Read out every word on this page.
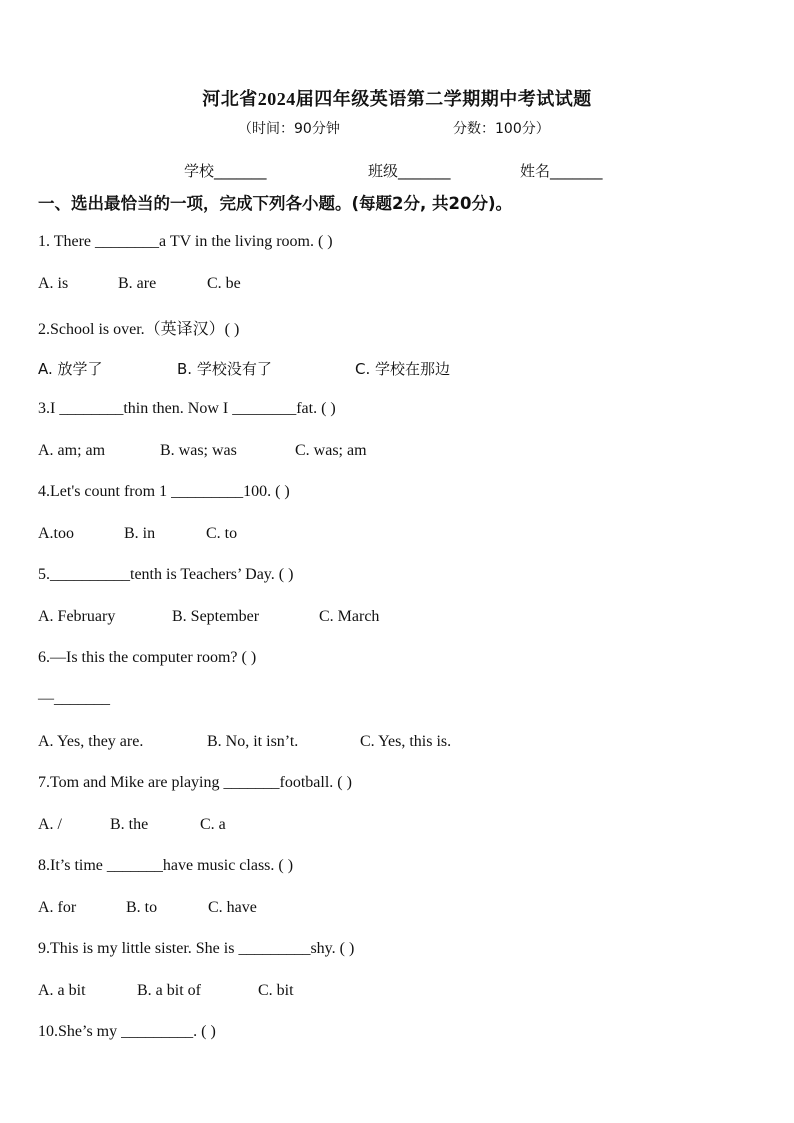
河北省2024届四年级英语第二学期期中考试试题
（时间：90分钟	分数：100分）
学校_______	班级_______	姓名_______
一、选出最恰当的一项，完成下列各小题。(每题2分, 共20分)。
1. There ________a TV in the living room. ( )
A. is	B. are	C. be
2.School is over.（英译汉）( )
A. 放学了	B. 学校没有了	C. 学校在那边
3.I ________thin then. Now I ________fat. ( )
A. am; am	B. was; was	C. was; am
4.Let's count from 1 _________100. ( )
A.too	B. in	C. to
5.__________tenth is Teachers’ Day. ( )
A. February	B. September	C. March
6.—Is this the computer room? ( )
—_______
A. Yes, they are.	B. No, it isn’t.	C. Yes, this is.
7.Tom and Mike are playing _______football. ( )
A. /	B. the	C. a
8.It’s time _______have music class. ( )
A. for	B. to	C. have
9.This is my little sister. She is _________shy. ( )
A. a bit	B. a bit of	C. bit
10.She’s my _________. ( )
